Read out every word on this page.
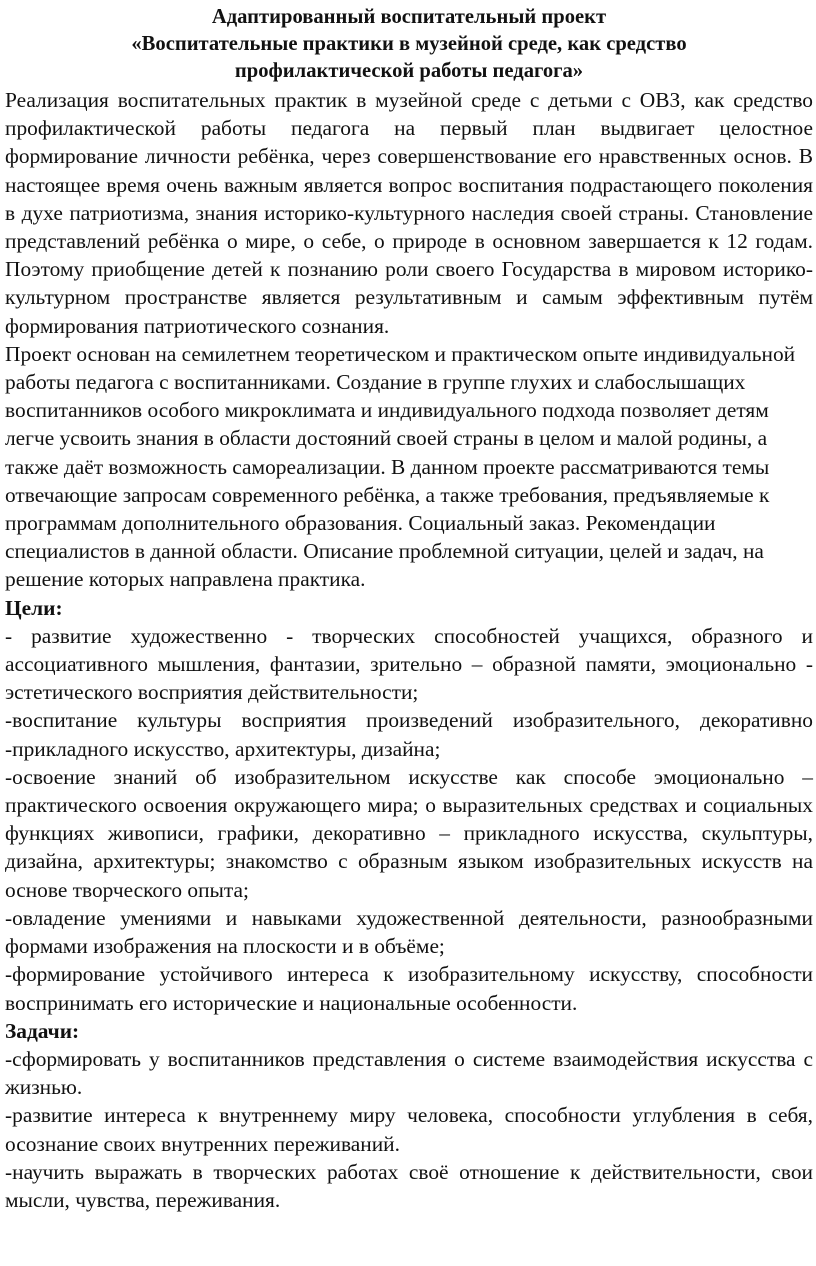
Адаптированный воспитательный проект
«Воспитательные практики в музейной среде, как средство
профилактической работы педагога»

Реализация воспитательных практик в музейной среде с детьми с ОВЗ, как средство профилактической работы педагога на первый план выдвигает целостное формирование личности ребёнка, через совершенствование его нравственных основ. В настоящее время очень важным является вопрос воспитания подрастающего поколения в духе патриотизма, знания историко-культурного наследия своей страны. Становление представлений ребёнка о мире, о себе, о природе в основном завершается к 12 годам. Поэтому приобщение детей к познанию роли своего Государства в мировом историко-культурном пространстве является результативным и самым эффективным путём формирования патриотического сознания.

Проект основан на семилетнем теоретическом и практическом опыте индивидуальной работы педагога с воспитанниками. Создание в группе глухих и слабослышащих воспитанников особого микроклимата и индивидуального подхода позволяет детям легче усвоить знания в области достояний своей страны в целом и малой родины, а также даёт возможность самореализации. В данном проекте рассматриваются темы отвечающие запросам современного ребёнка, а также требования, предъявляемые к программам дополнительного образования. Социальный заказ. Рекомендации специалистов в данной области. Описание проблемной ситуации, целей и задач, на решение которых направлена практика.

Цели:

- развитие художественно - творческих способностей учащихся, образного и ассоциативного мышления, фантазии, зрительно – образной памяти, эмоционально - эстетического восприятия действительности;

-воспитание культуры восприятия произведений изобразительного, декоративно -прикладного искусство, архитектуры, дизайна;

-освоение знаний об изобразительном искусстве как способе эмоционально – практического освоения окружающего мира; о выразительных средствах и социальных функциях живописи, графики, декоративно – прикладного искусства, скульптуры, дизайна, архитектуры; знакомство с образным языком изобразительных искусств на основе творческого опыта;

-овладение умениями и навыками художественной деятельности, разнообразными формами изображения на плоскости и в объёме;

-формирование устойчивого интереса к изобразительному искусству, способности воспринимать его исторические и национальные особенности.

Задачи:

-сформировать у воспитанников представления о системе взаимодействия искусства с жизнью.

-развитие интереса к внутреннему миру человека, способности углубления в себя, осознание своих внутренних переживаний.

-научить выражать в творческих работах своё отношение к действительности, свои мысли, чувства, переживания.
